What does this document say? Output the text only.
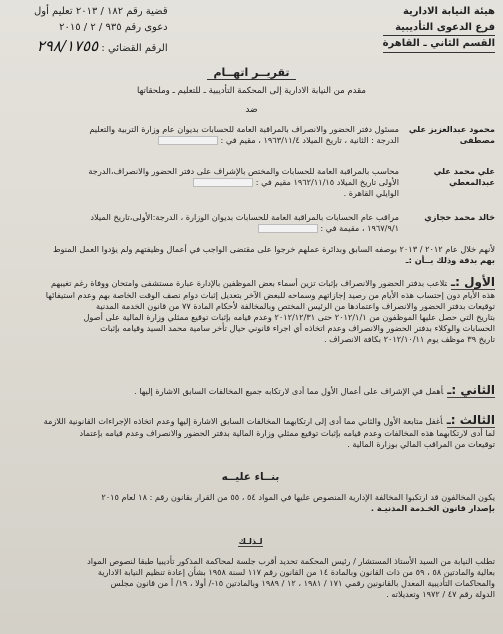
هيئة النيابة الادارية
فرع الدعوى التأديبية
القسم الثاني ـ القاهرة
قضية رقم ١٨٢ / ٢٠١٣ تعليم أول
دعوى رقم ٩٣٥ / ٢ / ٢٠١٥
الرقم القضائي : ٢٩٨/١٧٥٥
تقريــر اتهــام
مقدم من النيابة الادارية إلى المحكمة التأديبية ـ للتعليم ـ وملحقاتها
ضد
محمود عبدالعزيز علي مصطفى
مسئول دفتر الحضور والانصراف بالمراقبة العامة للحسابات بديوان عام وزارة التربية والتعليم
الدرجة : الثانية ، تاريخ الميلاد ١٩٦٣/١١/٤ ، مقيم في :
علي محمد علي عبدالمعطي
محاسب بالمراقبة العامة للحسابات والمختص بالإشراف على دفتر الحضور والانصراف،الدرجة
الأولى تاريخ الميلاد ١٩٦٢/١١/١٥ مقيم في :
الوايلي القاهرة .
خالد محمد حجازي
مراقب عام الحسابات بالمراقبة العامة للحسابات بديوان الوزارة ، الدرجة:الأولى،تاريخ الميلاد
١٩٦٧/٩/١ ، مقيمة في :
لأنهم خلال عام ٢٠١٢ / ٢٠١٣ بوصفه السابق وبدائرة عملهم خرجوا على مقتضى الواجب في أعمال وظيفتهم ولم يؤدوا العمل المنوط
بهم بدقة وذلك بــأن :ـ
الأول :ـتلاعب بدفتر الحضور والانصراف بإثبات تزين أسماء بعض الموظفين بالإدارة عبارة مستشفى وامتحان ووفاة رغم تغيبهم
هذه الأيام دون إحتساب هذه الأيام من رصيد إجازاتهم وسماحه للبعض الآخر بتعديل إثبات دوام نصف الوقت الخاصة بهم وعدم استيفائها
توقيعات بدفتر الحضور والانصراف واعتمادها من الرئيس المختص وبالمخالفة لأحكام المادة ٧٧ من قانون الخدمة المدنية
بتاريخ التي حصل عليها الموظفون من ٢٠١٢/١/١ حتى ٢٠١٢/١٢/٣١ وعدم قيامه بإثبات توقيع ممثلي وزارة المالية على أصول
الحسابات والوكلاء بدفتر الحضور والانصراف وعدم اتخاذه أي اجراء قانوني حيال تأخر سامية محمد السيد وقيامه بإثبات
تاريخ ٣٩ موظف يوم ٢٠١٢/١٠/١١ بكافة الانصراف .
الثاني :ـأهمل في الإشراف على أعمال الأول مما أدى لارتكابه جميع المخالفات السابق الاشارة إليها .
الثالث :ـأغفل متابعة الأول والثاني مما أدى إلى ارتكابهما المخالفات السابق الاشارة إليها وعدم اتخاذه الإجراءات القانونية اللازمة
لما أدى لارتكابهما هذه المخالفات وعدم قيامه بإثبات توقيع ممثلي وزارة المالية بدفتر الحضور والانصراف وعدم قيامه بإعتماد
توقيعات من المراقب المالي بوزارة المالية .
بنــاء عليــه
يكون المخالفون قد ارتكبوا المخالفة الإدارية المنصوص عليها في المواد ٥٤ ، ٥٥ من القرار بقانون رقم : ١٨ لعام ٢٠١٥
بإصدار قانون الخـدمة المدنيـة .
لـذلـك
تطلب النيابة من السيد الأستاذ المستشار / رئيس المحكمة تحديد أقرب جلسة لمحاكمة المذكور تأديبيا طبقا لنصوص المواد
بعالية والمادتين ٥٨ ، ٥٩ من ذات القانون وبالمادة ١٤ من القانون رقم ١١٧ لسنة ١٩٥٨ بشأن إعادة تنظيم النيابة الادارية
والمحاكمات التأديبية المعدل بالقانونين رقمي ١٧١ / ١٩٨١ ، ١٢ / ١٩٨٩ وبالمادتين ١٥-/ أولا ، ١٩/ أ من قانون مجلس
الدولة رقم ٤٧ / ١٩٧٢ وتعديلاته .
